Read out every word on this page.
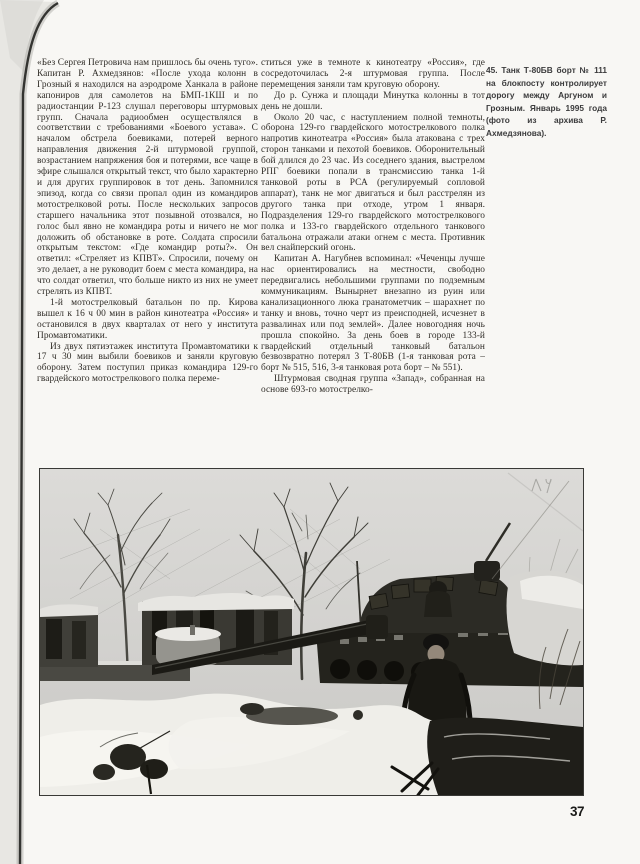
«Без Сергея Петровича нам пришлось бы очень туго». Капитан Р. Ахмедзянов: «После ухода колонн в Грозный я находился на аэродроме Ханкала в районе капониров для самолетов на БМП-1КШ и по радиостанции Р-123 слушал переговоры штурмовых групп. Сначала радиообмен осуществлялся в соответствии с требованиями «Боевого устава». С началом обстрела боевиками, потерей верного направления движения 2-й штурмовой группой, возрастанием напряжения боя и потерями, все чаще в эфире слышался открытый текст, что было характерно и для других группировок в тот день. Запомнился эпизод, когда со связи пропал один из командиров мотострелковой роты. После нескольких запросов старшего начальника этот позывной отозвался, но голос был явно не командира роты и ничего не мог доложить об обстановке в роте. Солдата спросили открытым текстом: «Где командир роты?». Он ответил: «Стреляет из КПВТ». Спросили, почему он это делает, а не руководит боем с места командира, на что солдат ответил, что больше никто из них не умеет стрелять из КПВТ.

1-й мотострелковый батальон по пр. Кирова вышел к 16 ч 00 мин в район кинотеатра «Россия» и остановился в двух кварталах от него у института Промавтоматики.

Из двух пятиэтажек института Промавтоматики к 17 ч 30 мин выбили боевиков и заняли круговую оборону. Затем поступил приказ командира 129-го гвардейского мотострелкового полка переме-

ститься уже в темноте к кинотеатру «Россия», где сосредоточилась 2-я штурмовая группа. После перемещения заняли там круговую оборону.

До р. Сунжа и площади Минутка колонны в тот день не дошли.

Около 20 час, с наступлением полной темноты, оборона 129-го гвардейского мотострелкового полка напротив кинотеатра «Россия» была атакована с трех сторон танками и пехотой боевиков. Оборонительный бой длился до 23 час. Из соседнего здания, выстрелом РПГ боевики попали в трансмиссию танка 1-й танковой роты в РСА (регулируемый сопловой аппарат), танк не мог двигаться и был расстрелян из другого танка при отходе, утром 1 января. Подразделения 129-го гвардейского мотострелкового полка и 133-го гвардейского отдельного танкового батальона отражали атаки огнем с места. Противник вел снайперский огонь.

Капитан А. Нагубнев вспоминал: «Чеченцы лучше нас ориентировались на местности, свободно передвигались небольшими группами по подземным коммуникациям. Вынырнет внезапно из руин или канализационного люка гранатометчик – шарахнет по танку и вновь, точно черт из преисподней, исчезнет в развалинах или под землей». Далее новогодняя ночь прошла спокойно. За день боев в городе 133-й гвардейский отдельный танковый батальон безвозвратно потерял 3 Т-80БВ (1-я танковая рота – борт № 515, 516, 3-я танковая рота борт – № 551).

Штурмовая сводная группа «Запад», собранная на основе 693-го мотострелко-

45. Танк Т-80БВ борт № 111 на блокпосту контролирует дорогу между Аргуном и Грозным. Январь 1995 года (фото из архива Р. Ахмедзянова).

37
